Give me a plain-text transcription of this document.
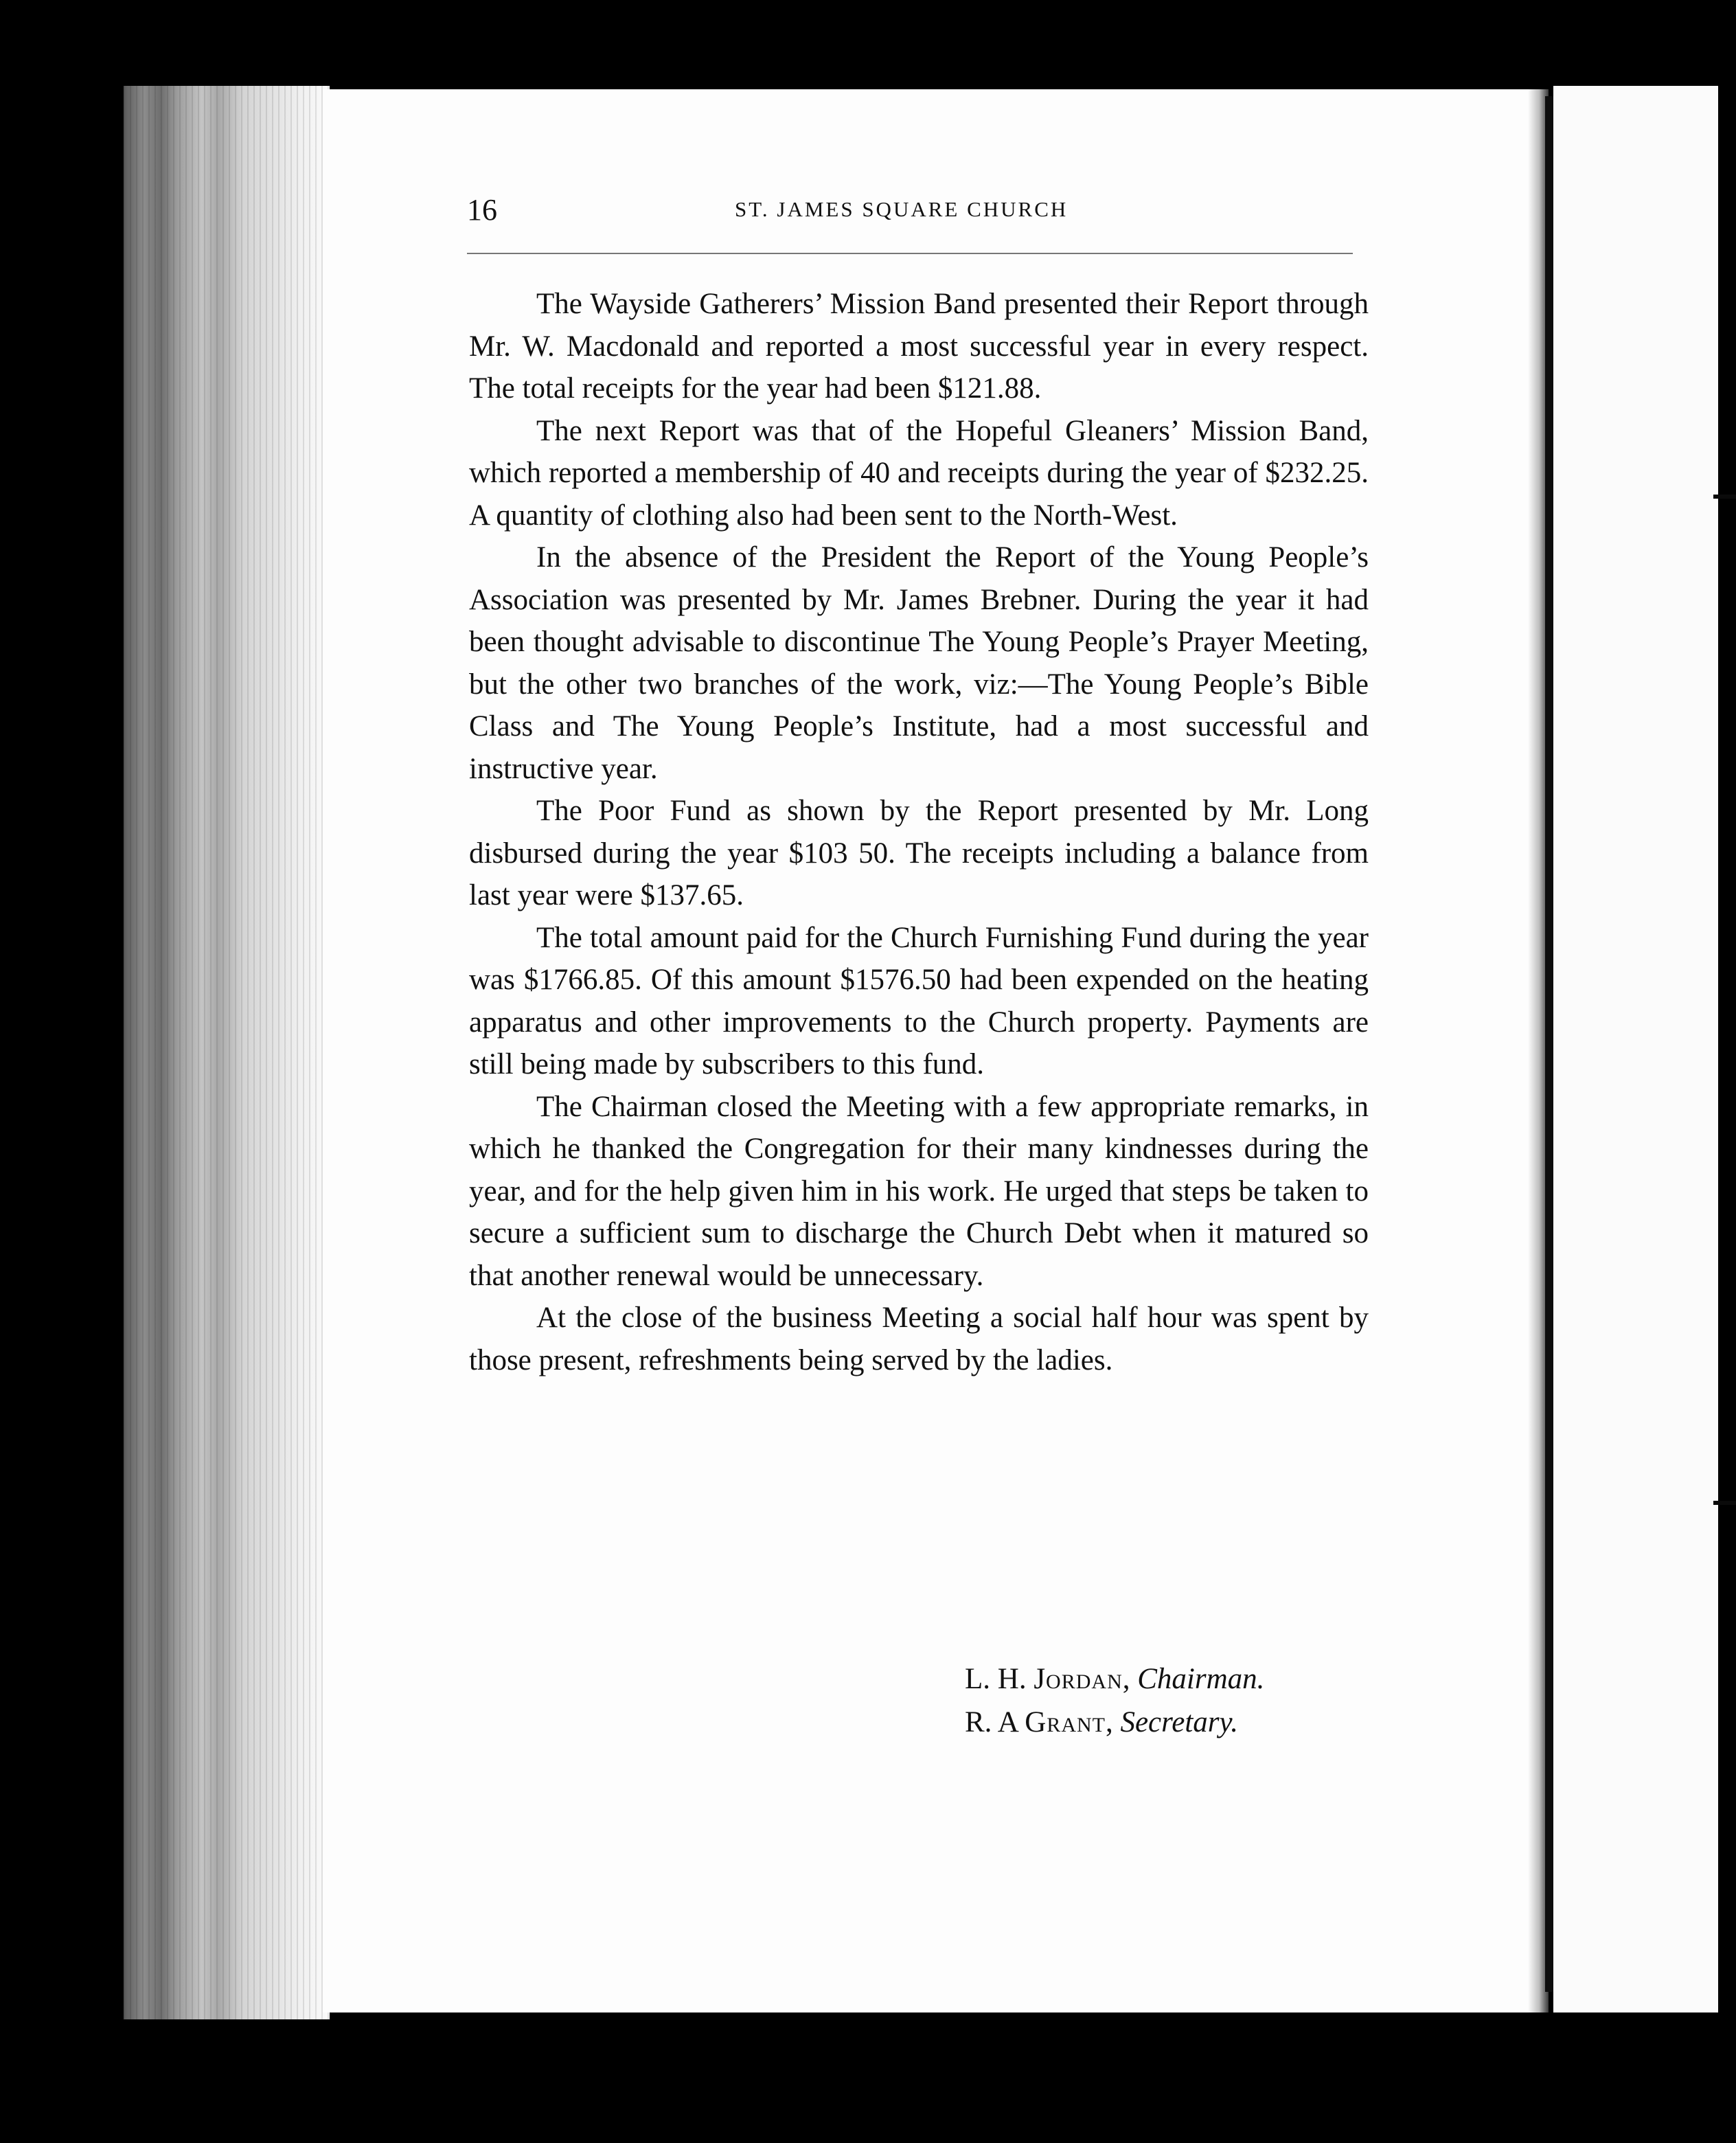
16	ST. JAMES SQUARE CHURCH

The Wayside Gatherers’ Mission Band presented their Report through Mr. W. Macdonald and reported a most successful year in every respect. The total receipts for the year had been $121.88.

The next Report was that of the Hopeful Gleaners’ Mission Band, which reported a membership of 40 and receipts during the year of $232.25. A quantity of clothing also had been sent to the North-West.

In the absence of the President the Report of the Young People’s Association was presented by Mr. James Brebner. During the year it had been thought advisable to discontinue The Young People’s Prayer Meeting, but the other two branches of the work, viz:—The Young People’s Bible Class and The Young People’s Institute, had a most successful and instructive year.

The Poor Fund as shown by the Report presented by Mr. Long disbursed during the year $103 50. The receipts including a balance from last year were $137.65.

The total amount paid for the Church Furnishing Fund during the year was $1766.85. Of this amount $1576.50 had been expended on the heating apparatus and other improvements to the Church property. Payments are still being made by subscribers to this fund.

The Chairman closed the Meeting with a few appropriate remarks, in which he thanked the Congregation for their many kindnesses during the year, and for the help given him in his work. He urged that steps be taken to secure a sufficient sum to discharge the Church Debt when it matured so that another renewal would be unnecessary.

At the close of the business Meeting a social half hour was spent by those present, refreshments being served by the ladies.

L. H. Jordan, Chairman.
R. A Grant, Secretary.
